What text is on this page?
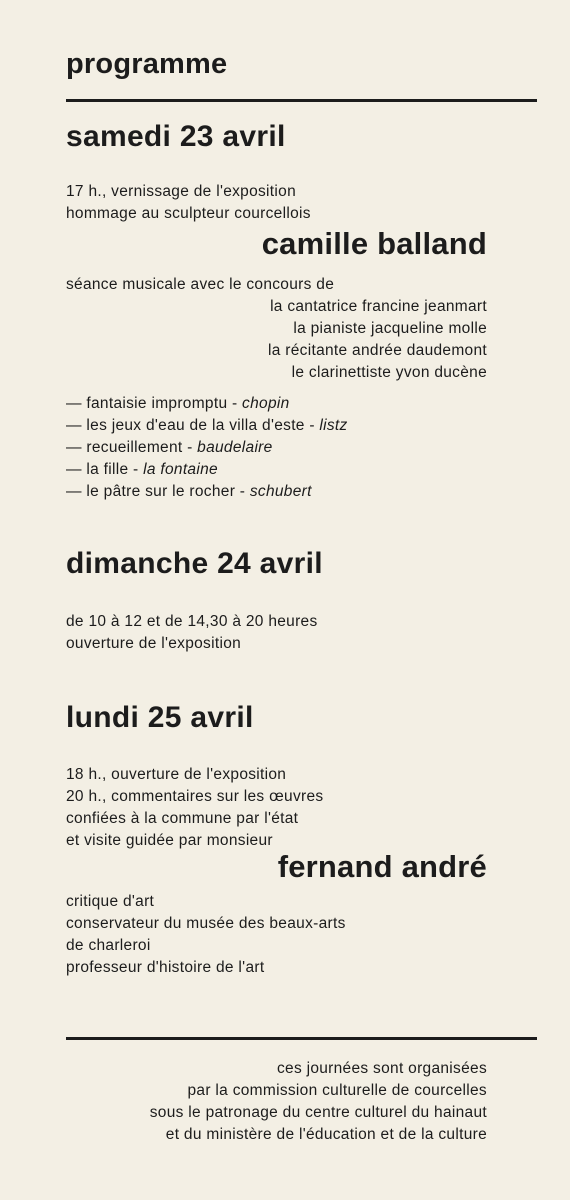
programme
samedi 23 avril
17 h., vernissage de l'exposition
hommage au sculpteur courcellois
camille balland
séance musicale avec le concours de
la cantatrice francine jeanmart
la pianiste jacqueline molle
la récitante andrée daudemont
le clarinettiste yvon ducène
— fantaisie impromptu - chopin
— les jeux d'eau de la villa d'este - listz
— recueillement - baudelaire
— la fille - la fontaine
— le pâtre sur le rocher - schubert
dimanche 24 avril
de 10 à 12 et de 14,30 à 20 heures
ouverture de l'exposition
lundi 25 avril
18 h., ouverture de l'exposition
20 h., commentaires sur les œuvres
confiées à la commune par l'état
et visite guidée par monsieur
fernand andré
critique d'art
conservateur du musée des beaux-arts
de charleroi
professeur d'histoire de l'art
ces journées sont organisées
par la commission culturelle de courcelles
sous le patronage du centre culturel du hainaut
et du ministère de l'éducation et de la culture
